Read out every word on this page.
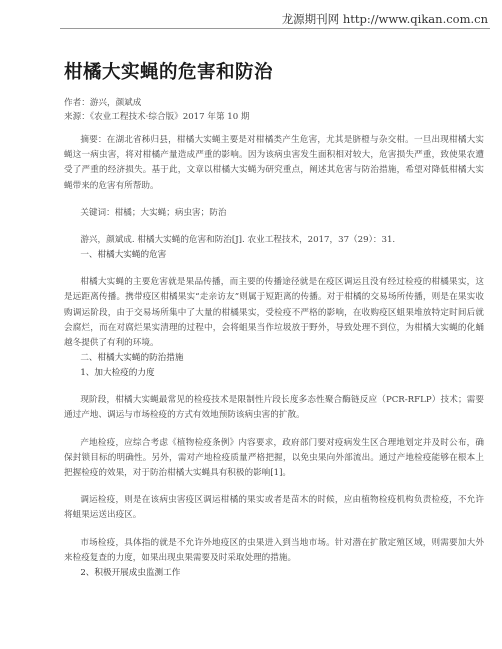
龙源期刊网 http://www.qikan.com.cn
柑橘大实蝇的危害和防治
作者：游兴，颜斌成
来源：《农业工程技术·综合版》2017 年第 10 期

摘要：在湖北省秭归县，柑橘大实蝇主要是对柑橘类产生危害，尤其是脐橙与杂交柑。一旦出现柑橘大实蝇这一病虫害，将对柑橘产量造成严重的影响。因为该病虫害发生面积相对较大，危害损失严重，致使果农遭受了严重的经济损失。基于此，文章以柑橘大实蝇为研究重点，阐述其危害与防治措施，希望对降低柑橘大实蝇带来的危害有所帮助。

关键词：柑橘；大实蝇；病虫害；防治

游兴，颜斌成. 柑橘大实蝇的危害和防治[J]. 农业工程技术，2017，37（29）：31.

一、柑橘大实蝇的危害

柑橘大实蝇的主要危害就是果品传播，而主要的传播途径就是在疫区调运且没有经过检疫的柑橘果实，这是远距离传播。携带疫区柑橘果实“走亲访友”则属于短距离的传播。对于柑橘的交易场所传播，则是在果实收购调运阶段，由于交易场所集中了大量的柑橘果实，受检疫不严格的影响，在收购疫区蛆果堆放特定时间后就会腐烂，而在对腐烂果实清理的过程中，会将蛆果当作垃圾放于野外，导致处理不到位，为柑橘大实蝇的化蛹越冬提供了有利的环境。

二、柑橘大实蝇的防治措施

1、加大检疫的力度

现阶段，柑橘大实蝇最常见的检疫技术是限制性片段长度多态性聚合酶链反应（PCR-RFLP）技术；需要通过产地、调运与市场检疫的方式有效地预防该病虫害的扩散。

产地检疫，应综合考虑《植物检疫条例》内容要求，政府部门要对疫病发生区合理地划定并及时公布，确保封锁目标的明确性。另外，需对产地检疫质量严格把握，以免虫果向外部流出。通过产地检疫能够在根本上把握检疫的效果，对于防治柑橘大实蝇具有积极的影响[1]。

调运检疫，则是在该病虫害疫区调运柑橘的果实或者是苗木的时候，应由植物检疫机构负责检疫，不允许将蛆果运送出疫区。

市场检疫，具体指的就是不允许外地疫区的虫果进入到当地市场。针对潜在扩散定殖区域，则需要加大外来检疫复查的力度，如果出现虫果需要及时采取处理的措施。

2、积极开展成虫监测工作
